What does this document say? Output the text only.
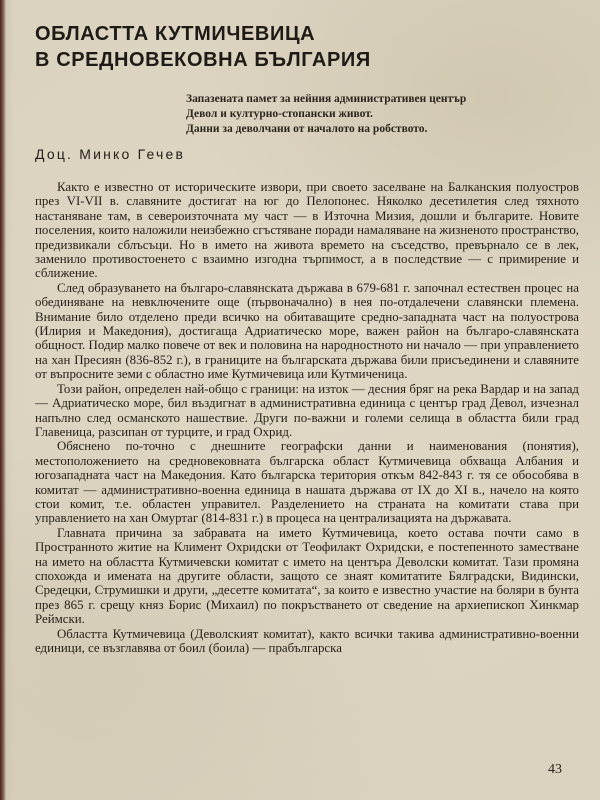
ОБЛАСТТА КУТМИЧЕВИЦА
В СРЕДНОВЕКОВНА БЪЛГАРИЯ
Запазената памет за нейния административен център
Девол и културно-стопански живот.
Данни за деволчани от началото на робството.
Доц. Минко Гечев

Както е известно от историческите извори, при своето заселване на Балканския полуостров през VI-VII в. славяните достигат на юг до Пелопонес. Няколко десетилетия след тяхното настаняване там, в североизточната му част — в Източна Мизия, дошли и българите. Новите поселения, които наложили неизбежно сгъстяване поради намаляване на жизненото пространство, предизвикали сблъсъци. Но в името на живота времето на съседство, превърнало се в лек, заменило противостоенето с взаимно изгодна търпимост, а в последствие — с примирение и сближение.

След образуването на българо-славянската държава в 679-681 г. започнал естествен процес на обединяване на невключените още (първоначално) в нея по-отдалечени славянски племена. Внимание било отделено преди всичко на обитаващите средно-западната част на полуострова (Илирия и Македония), достигаща Адриатическо море, важен район на българо-славянската общност. Подир малко повече от век и половина на народностното ни начало — при управлението на хан Пресиян (836-852 г.), в границите на българската държава били присъединени и славяните от въпросните земи с областно име Кутмичевица или Кутмиченица.

Този район, определен най-общо с граници: на изток — десния бряг на река Вардар и на запад — Адриатическо море, бил въздигнат в административна единица с център град Девол, изчезнал напълно след османското нашествие. Други по-важни и големи селища в областта били град Главеница, разсипан от турците, и град Охрид.

Обяснено по-точно с днешните географски данни и наименования (понятия), местоположението на средновековната българска област Кутмичевица обхваща Албания и югозападната част на Македония. Като българска територия откъм 842-843 г. тя се обособява в комитат — административно-военна единица в нашата държава от IX до XI в., начело на която стои комит, т.е. областен управител. Разделението на страната на комитати става при управлението на хан Омуртаг (814-831 г.) в процеса на централизацията на държавата.

Главната причина за забравата на името Кутмичевица, което остава почти само в Пространното житие на Климент Охридски от Теофилакт Охридски, е постепенното заместване на името на областта Кутмичевски комитат с името на центъра Деволски комитат. Тази промяна спохожда и имената на другите области, защото се знаят комитатите Бялградски, Видински, Средецки, Струмишки и други, „десетте комитата“, за които е известно участие на боляри в бунта през 865 г. срещу княз Борис (Михаил) по покръстването от сведение на архиепископ Хинкмар Реймски.

Областта Кутмичевица (Деволският комитат), както всички такива административно-военни единици, се възглавява от боил (боила) — прабългарска

43
